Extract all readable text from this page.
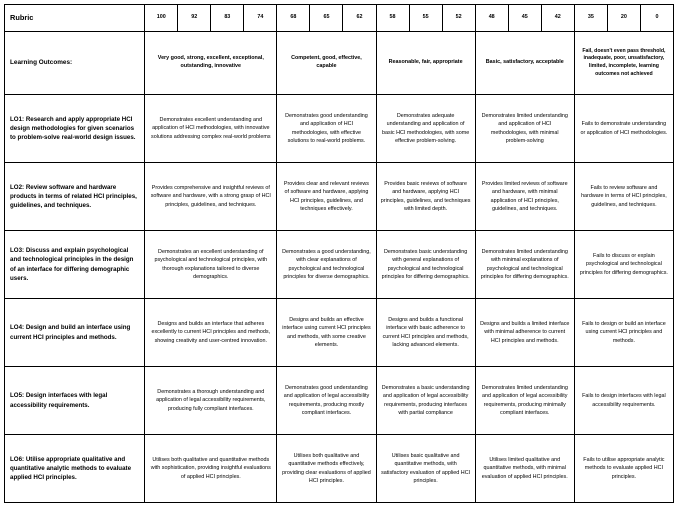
Rubric	100	92	83	74	68	65	62	58	55	52	48	45	42	35	20	0
Learning Outcomes:	Very good, strong, excellent, exceptional, outstanding, innovative				Competent, good, effective, capable			Reasonable, fair, appropriate			Basic, satisfactory, acceptable			Fail, doesn't even pass threshold, inadequate, poor, unsatisfactory, limited, incomplete, learning outcomes not achieved		
LO1: Research and apply appropriate HCI design methodologies for given scenarios to problem-solve real-world design issues.	Demonstrates excellent understanding and application of HCI methodologies, with innovative solutions addressing complex real-world problems				Demonstrates good understanding and application of HCI methodologies, with effective solutions to real-world problems.			Demonstrates adequate understanding and application of basic HCI methodologies, with some effective problem-solving.			Demonstrates limited understanding and application of HCI methodologies, with minimal problem-solving			Fails to demonstrate understanding or application of HCI methodologies.		
LO2: Review software and hardware products in terms of related HCI principles, guidelines, and techniques.	Provides comprehensive and insightful reviews of software and hardware, with a strong grasp of HCI principles, guidelines, and techniques.				Provides clear and relevant reviews of software and hardware, applying HCI principles, guidelines, and techniques effectively.			Provides basic reviews of software and hardware, applying HCI principles, guidelines, and techniques with limited depth.			Provides limited reviews of software and hardware, with minimal application of HCI principles, guidelines, and techniques.			Fails to review software and hardware in terms of HCI principles, guidelines, and techniques.		
LO3: Discuss and explain psychological and technological principles in the design of an interface for differing demographic users.	Demonstrates an excellent understanding of psychological and technological principles, with thorough explanations tailored to diverse demographics.				Demonstrates a good understanding, with clear explanations of psychological and technological principles for diverse demographics.			Demonstrates basic understanding with general explanations of psychological and technological principles for differing demographics.			Demonstrates limited understanding with minimal explanations of psychological and technological principles for differing demographics.			Fails to discuss or explain psychological and technological principles for differing demographics.		
LO4: Design and build an interface using current HCI principles and methods.	Designs and builds an interface that adheres excellently to current HCI principles and methods, showing creativity and user-centred innovation.				Designs and builds an effective interface using current HCI principles and methods, with some creative elements.			Designs and builds a functional interface with basic adherence to current HCI principles and methods, lacking advanced elements.			Designs and builds a limited interface with minimal adherence to current HCI principles and methods.			Fails to design or build an interface using current HCI principles and methods.		
LO5: Design interfaces with legal accessibility requirements.	Demonstrates a thorough understanding and application of legal accessibility requirements, producing fully compliant interfaces.				Demonstrates good understanding and application of legal accessibility requirements, producing mostly compliant interfaces.			Demonstrates a basic understanding and application of legal accessibility requirements, producing interfaces with partial compliance			Demonstrates limited understanding and application of legal accessibility requirements, producing minimally compliant interfaces.			Fails to design interfaces with legal accessibility requirements.		
LO6: Utilise appropriate qualitative and quantitative analytic methods to evaluate applied HCI principles.	Utilises both qualitative and quantitative methods with sophistication, providing insightful evaluations of applied HCI principles.				Utilises both qualitative and quantitative methods effectively, providing clear evaluations of applied HCI principles.			Utilises basic qualitative and quantitative methods, with satisfactory evaluation of applied HCI principles.			Utilises limited qualitative and quantitative methods, with minimal evaluation of applied HCI principles.			Fails to utilise appropriate analytic methods to evaluate applied HCI principles.		
